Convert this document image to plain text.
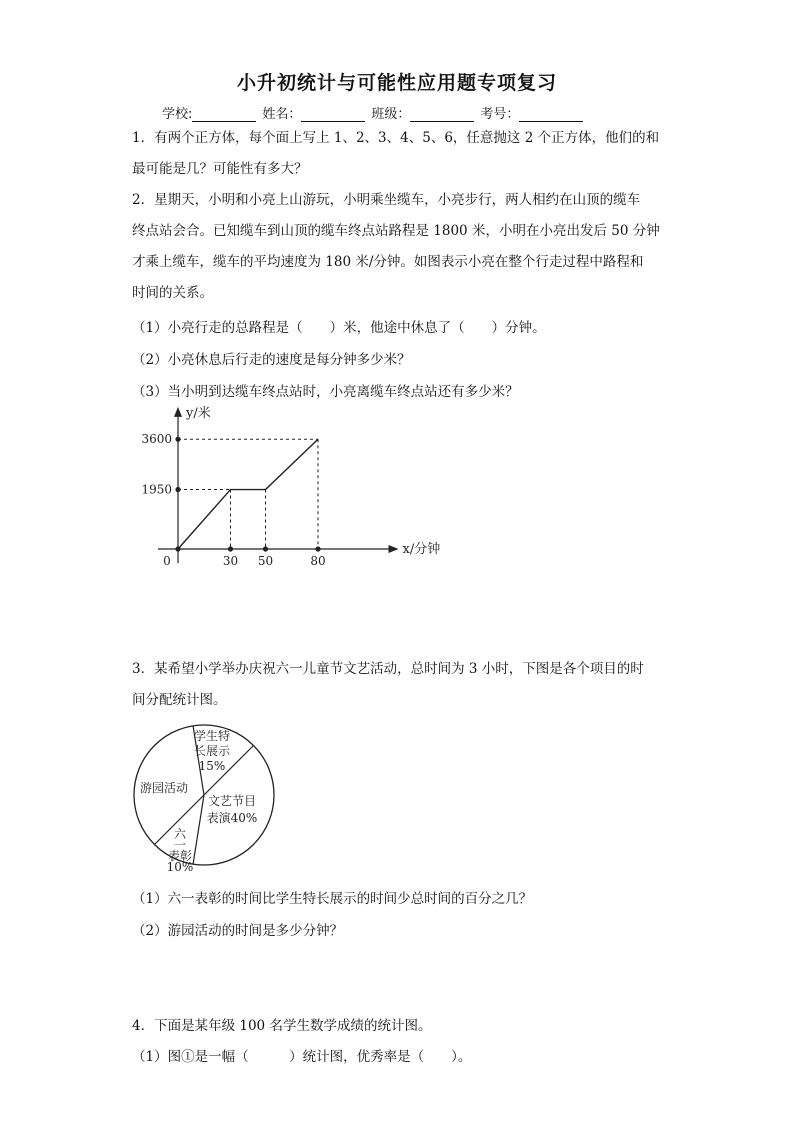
小升初统计与可能性应用题专项复习
学校:	姓名：	班级：	考号：
1．有两个正方体，每个面上写上 1、2、3、4、5、6，任意抛这 2 个正方体，他们的和
最可能是几？可能性有多大？
2．星期天，小明和小亮上山游玩，小明乘坐缆车，小亮步行，两人相约在山顶的缆车
终点站会合。已知缆车到山顶的缆车终点站路程是 1800 米，小明在小亮出发后 50 分钟
才乘上缆车，缆车的平均速度为 180 米/分钟。如图表示小亮在整个行走过程中路程和
时间的关系。
（1）小亮行走的总路程是（　　）米，他途中休息了（　　）分钟。
（2）小亮休息后行走的速度是每分钟多少米？
（3）当小明到达缆车终点站时，小亮离缆车终点站还有多少米？
x/分钟
y/米
0	30 50	80
1950
3600
3．某希望小学举办庆祝六一儿童节文艺活动，总时间为 3 小时，下图是各个项目的时
间分配统计图。
学生特长展示 15%
文艺节目表演40%
六一表彰 10%
游园活动
（1）六一表彰的时间比学生特长展示的时间少总时间的百分之几？
（2）游园活动的时间是多少分钟？
4．下面是某年级 100 名学生数学成绩的统计图。
（1）图①是一幅（　　　）统计图，优秀率是（　　）。
